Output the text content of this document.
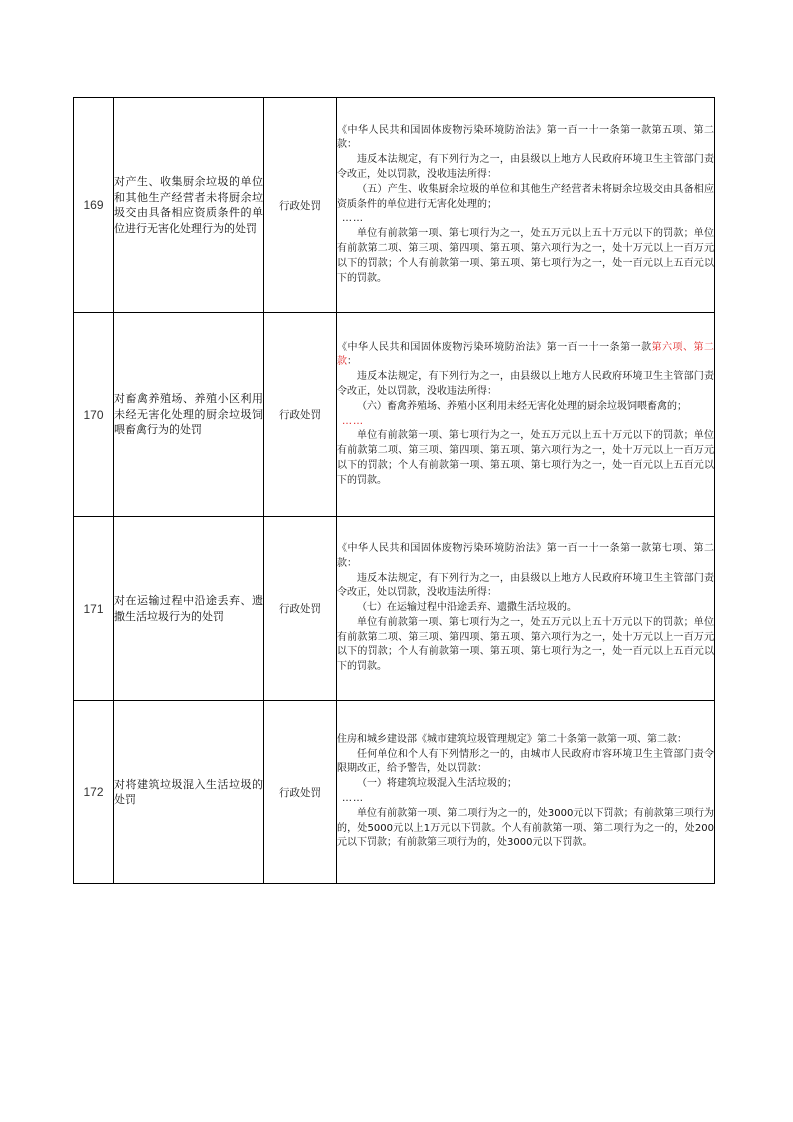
169	对产生、收集厨余垃圾的单位和其他生产经营者未将厨余垃圾交由具备相应资质条件的单位进行无害化处理行为的处罚	行政处罚	《中华人民共和国固体废物污染环境防治法》第一百一十一条第一款第五项、第二款：

违反本法规定，有下列行为之一，由县级以上地方人民政府环境卫生主管部门责令改正，处以罚款，没收违法所得：

（五）产生、收集厨余垃圾的单位和其他生产经营者未将厨余垃圾交由具备相应资质条件的单位进行无害化处理的；

……

单位有前款第一项、第七项行为之一，处五万元以上五十万元以下的罚款；单位有前款第二项、第三项、第四项、第五项、第六项行为之一，处十万元以上一百万元以下的罚款；个人有前款第一项、第五项、第七项行为之一，处一百元以上五百元以下的罚款。

170	对畜禽养殖场、养殖小区利用未经无害化处理的厨余垃圾饲喂畜禽行为的处罚	行政处罚	《中华人民共和国固体废物污染环境防治法》第一百一十一条第一款第六项、第二款：

违反本法规定，有下列行为之一，由县级以上地方人民政府环境卫生主管部门责令改正，处以罚款，没收违法所得：

（六）畜禽养殖场、养殖小区利用未经无害化处理的厨余垃圾饲喂畜禽的；

……

单位有前款第一项、第七项行为之一，处五万元以上五十万元以下的罚款；单位有前款第二项、第三项、第四项、第五项、第六项行为之一，处十万元以上一百万元以下的罚款；个人有前款第一项、第五项、第七项行为之一，处一百元以上五百元以下的罚款。

171	对在运输过程中沿途丢弃、遗撒生活垃圾行为的处罚	行政处罚	《中华人民共和国固体废物污染环境防治法》第一百一十一条第一款第七项、第二款：

违反本法规定，有下列行为之一，由县级以上地方人民政府环境卫生主管部门责令改正，处以罚款，没收违法所得：

（七）在运输过程中沿途丢弃、遗撒生活垃圾的。

单位有前款第一项、第七项行为之一，处五万元以上五十万元以下的罚款；单位有前款第二项、第三项、第四项、第五项、第六项行为之一，处十万元以上一百万元以下的罚款；个人有前款第一项、第五项、第七项行为之一，处一百元以上五百元以下的罚款。

172	对将建筑垃圾混入生活垃圾的处罚	行政处罚	住房和城乡建设部《城市建筑垃圾管理规定》第二十条第一款第一项、第二款：

任何单位和个人有下列情形之一的，由城市人民政府市容环境卫生主管部门责令限期改正，给予警告，处以罚款：

（一）将建筑垃圾混入生活垃圾的；

……

单位有前款第一项、第二项行为之一的，处3000元以下罚款；有前款第三项行为的，处5000元以上1万元以下罚款。个人有前款第一项、第二项行为之一的，处200元以下罚款；有前款第三项行为的，处3000元以下罚款。
